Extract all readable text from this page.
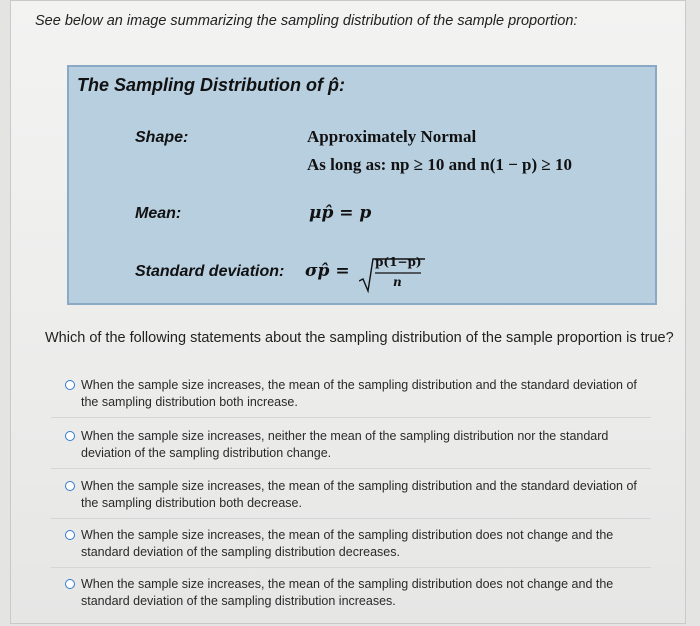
See below an image summarizing the sampling distribution of the sample proportion:
The Sampling Distribution of p̂:
Shape:	Approximately Normal
As long as: np ≥ 10 and n(1 − p) ≥ 10
Mean:	μp̂ = p
Standard deviation: σp̂ = p(1−p)
n
Which of the following statements about the sampling distribution of the sample proportion is true?
When the sample size increases, the mean of the sampling distribution and the standard deviation of the sampling distribution both increase.
When the sample size increases, neither the mean of the sampling distribution nor the standard deviation of the sampling distribution change.
When the sample size increases, the mean of the sampling distribution and the standard deviation of the sampling distribution both decrease.
When the sample size increases, the mean of the sampling distribution does not change and the standard deviation of the sampling distribution decreases.
When the sample size increases, the mean of the sampling distribution does not change and the standard deviation of the sampling distribution increases.
